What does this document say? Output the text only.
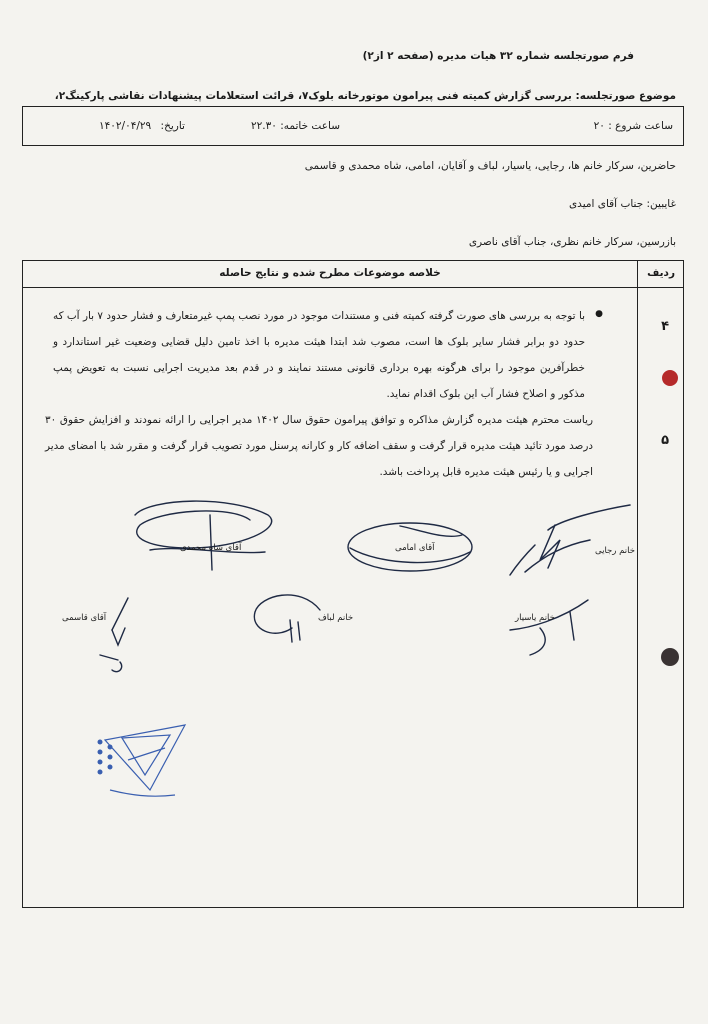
فرم صورتجلسه شماره ۳۲ هیات مدیره (صفحه ۲ از۲)
موضوع صورتجلسه: بررسی گزارش کمیته فنی پیرامون موتورخانه بلوک۷، قرائت استعلامات پیشنهادات نقاشی پارکینگ۲،
ساعت شروع : ۲۰
ساعت خاتمه: ۲۲.۳۰
تاریخ: ۱۴۰۲/۰۴/۲۹
حاضرین، سرکار خانم ها، رجایی، یاسیار، لباف و آقایان، امامی، شاه محمدی و قاسمی
غایبین: جناب آقای امیدی
بازرسین، سرکار خانم نظری، جناب آقای ناصری
ردیف
خلاصه موضوعات مطرح شده و نتایج حاصله
۴
●
با توجه به بررسی های صورت گرفته کمیته فنی و مستندات موجود در مورد نصب پمپ غیرمتعارف و فشار حدود ۷ بار آب که حدود دو برابر فشار سایر بلوک ها است، مصوب شد ابتدا هیئت مدیره با اخذ تامین دلیل قضایی وضعیت غیر استاندارد و خطرآفرین موجود را برای هرگونه بهره برداری قانونی مستند نمایند و در قدم بعد مدیریت اجرایی نسبت به تعویض پمپ مذکور و اصلاح فشار آب این بلوک اقدام نماید.
۵
ریاست محترم هیئت مدیره گزارش مذاکره و توافق پیرامون حقوق سال ۱۴۰۲ مدیر اجرایی را ارائه نمودند و افزایش حقوق ۳۰ درصد مورد تائید هیئت مدیره قرار گرفت و سقف اضافه کار و کارانه پرسنل مورد تصویب قرار گرفت و مقرر شد با امضای مدیر اجرایی و یا رئیس هیئت مدیره قابل پرداخت باشد.
آقای شاه محمدی	آقای امامی	خانم رجایی
آقای قاسمی	خانم لباف	خانم یاسیار
